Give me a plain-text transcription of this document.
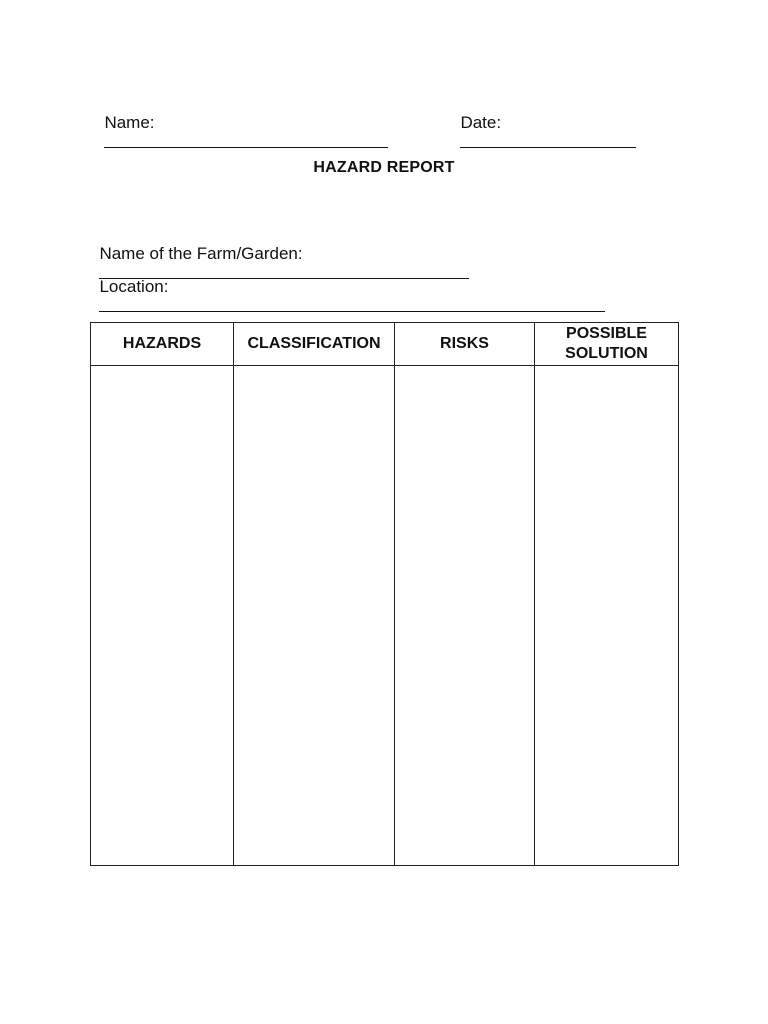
Name:
	Date:

HAZARD REPORT

Name of the Farm/Garden:

Location:

HAZARDS	CLASSIFICATION	RISKS	POSSIBLE SOLUTION
